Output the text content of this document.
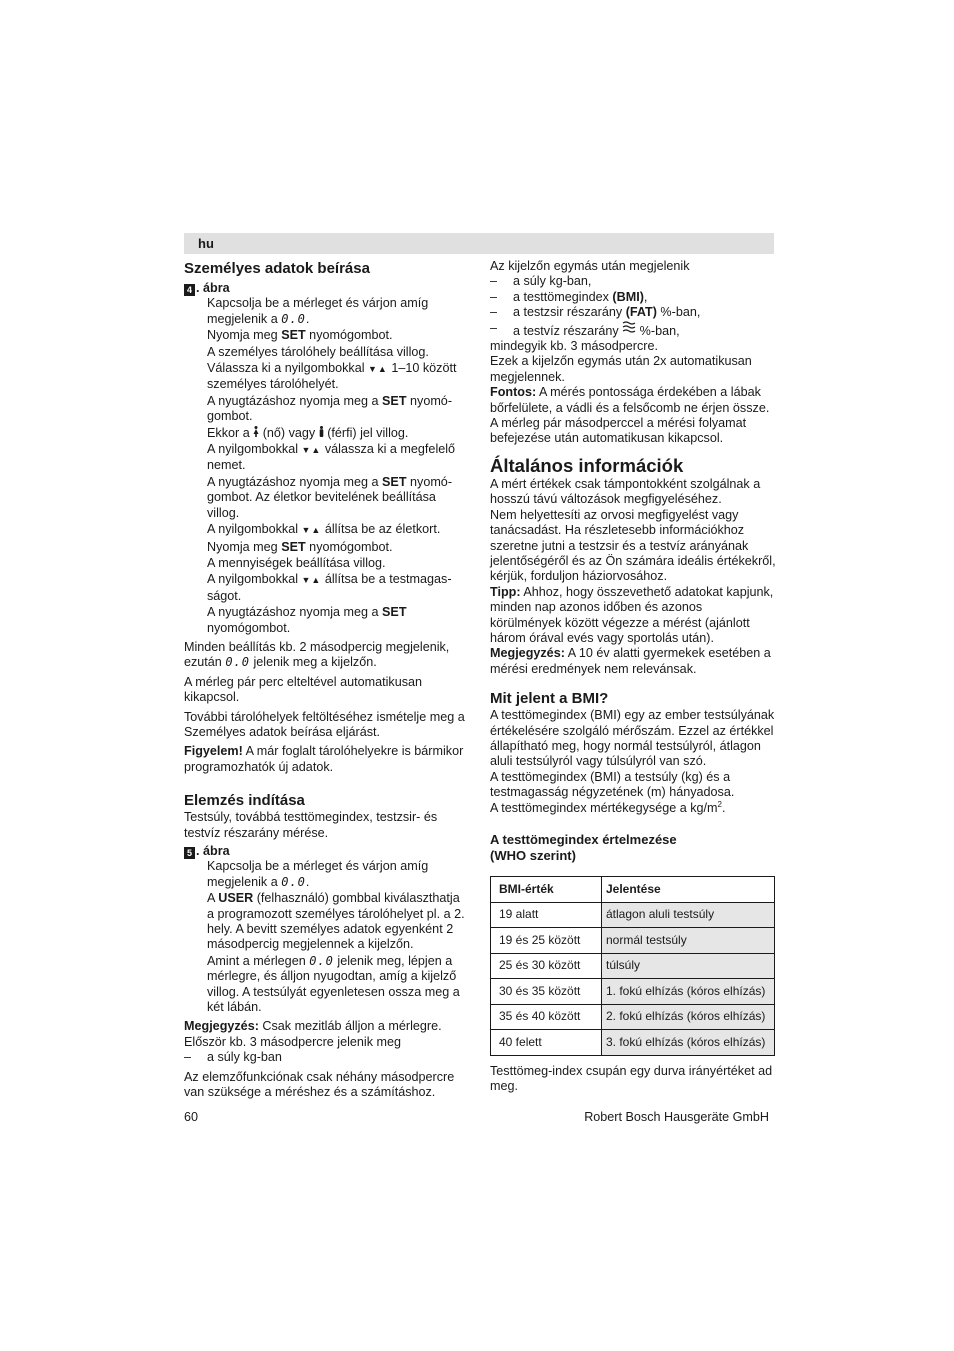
hu
Személyes adatok beírása

4 . ábra

Kapcsolja be a mérleget és várjon amíg megjelenik a 0.0.

Nyomja meg SET nyomógombot.

A személyes tárolóhely beállítása villog.

Válassza ki a nyilgombokkal ▼▲ 1–10 között személyes tárolóhelyét.

A nyugtázáshoz nyomja meg a SET nyomógombot.

Ekkor a  (nő) vagy  (férfi) jel villog.

A nyilgombokkal ▼▲ válassza ki a megfelelő nemet.

A nyugtázáshoz nyomja meg a SET nyomógombot. Az életkor bevitelének beállítása villog.

A nyilgombokkal ▼▲ állítsa be az életkort.

Nyomja meg SET nyomógombot.

A mennyiségek beállítása villog.

A nyilgombokkal ▼▲ állítsa be a testmagasságot.

A nyugtázáshoz nyomja meg a SET nyomógombot.

Minden beállítás kb. 2 másodpercig megjelenik, ezután 0.0 jelenik meg a kijelzőn.

A mérleg pár perc elteltével automatikusan kikapcsol.

További tárolóhelyek feltöltéséhez ismételje meg a Személyes adatok beírása eljárást.

Figyelem! A már foglalt tárolóhelyekre is bármikor programozhatók új adatok.

Elemzés indítása

Testsúly, továbbá testtömegindex, testzsir- és testvíz részarány mérése.

5 . ábra

Kapcsolja be a mérleget és várjon amíg megjelenik a 0.0.

A USER (felhasználó) gombbal kiválaszthatja a programozott személyes tárolóhelyet pl. a 2. hely. A bevitt személyes adatok egyenként 2 másodpercig megjelennek a kijelzőn.

Amint a mérlegen 0.0 jelenik meg, lépjen a mérlegre, és álljon nyugodtan, amíg a kijelző villog. A testsúlyát egyenletesen ossza meg a két lábán.

Megjegyzés: Csak mezitláb álljon a mérlegre.

Először kb. 3 másodpercre jelenik meg

– a súly kg-ban

Az elemzőfunkciónak csak néhány másodpercre van szüksége a méréshez és a számításhoz.

Az kijelzőn egymás után megjelenik

– a súly kg-ban,

– a testtömegindex (BMI),

– a testzsir részarány (FAT) %-ban,

– a testvíz részarány  %-ban,

mindegyik kb. 3 másodpercre.

Ezek a kijelzőn egymás után 2x automatikusan megjelennek.

Fontos: A mérés pontossága érdekében a lábak bőrfelülete, a vádli és a felsőcomb ne érjen össze.

A mérleg pár másodperccel a mérési folyamat befejezése után automatikusan kikapcsol.

Általános információk

A mért értékek csak támpontokként szolgálnak a hosszú távú változások megfigyeléséhez.

Nem helyettesíti az orvosi megfigyelést vagy tanácsadást. Ha részletesebb információkhoz szeretne jutni a testzsir és a testvíz arányának jelentőségéről és az Ön számára ideális értékekről, kérjük, forduljon háziorvosához.

Tipp: Ahhoz, hogy összevethető adatokat kapjunk, minden nap azonos időben és azonos körülmények között végezze a mérést (ajánlott három órával evés vagy sportolás után).

Megjegyzés: A 10 év alatti gyermekek esetében a mérési eredmények nem relevánsak.

Mit jelent a BMI?

A testtömegindex (BMI) egy az ember testsúlyának értékelésére szolgáló mérőszám. Ezzel az értékkel állapítható meg, hogy normál testsúlyról, átlagon aluli testsúlyról vagy túlsúlyról van szó.

A testtömegindex (BMI) a testsúly (kg) és a testmagasság négyzetének (m) hányadosa.

A testtömegindex mértékegysége a $kg/m^2$.

A testtömegindex értelmezése
(WHO szerint)
BMI-érték	Jelentése
19 alatt	átlagon aluli testsúly
19 és 25 között	normál testsúly
25 és 30 között	túlsúly
30 és 35 között	1. fokú elhízás (kóros elhízás)
35 és 40 között	2. fokú elhízás (kóros elhízás)
40 felett	3. fokú elhízás (kóros elhízás)

Testtömeg-index csupán egy durva irányértéket ad meg.

60	Robert Bosch Hausgeräte GmbH
